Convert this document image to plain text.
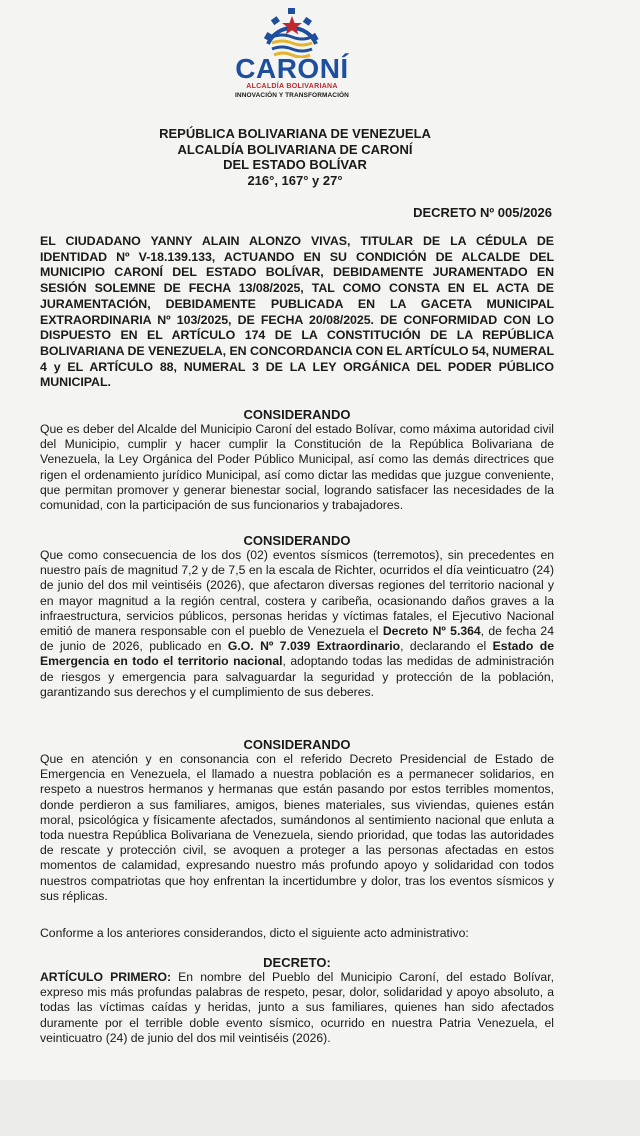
CARONÍ
ALCALDÍA BOLIVARIANA
INNOVACIÓN Y TRANSFORMACIÓN
REPÚBLICA BOLIVARIANA DE VENEZUELA
ALCALDÍA BOLIVARIANA DE CARONÍ
DEL ESTADO BOLÍVAR
216°, 167° y 27°
DECRETO Nº 005/2026
EL CIUDADANO YANNY ALAIN ALONZO VIVAS, TITULAR DE LA CÉDULA DE IDENTIDAD Nº V-18.139.133, ACTUANDO EN SU CONDICIÓN DE ALCALDE DEL MUNICIPIO CARONÍ DEL ESTADO BOLÍVAR, DEBIDAMENTE JURAMENTADO EN SESIÓN SOLEMNE DE FECHA 13/08/2025, TAL COMO CONSTA EN EL ACTA DE JURAMENTACIÓN, DEBIDAMENTE PUBLICADA EN LA GACETA MUNICIPAL EXTRAORDINARIA Nº 103/2025, DE FECHA 20/08/2025. DE CONFORMIDAD CON LO DISPUESTO EN EL ARTÍCULO 174 DE LA CONSTITUCIÓN DE LA REPÚBLICA BOLIVARIANA DE VENEZUELA, EN CONCORDANCIA CON EL ARTÍCULO 54, NUMERAL 4 y EL ARTÍCULO 88, NUMERAL 3 DE LA LEY ORGÁNICA DEL PODER PÚBLICO MUNICIPAL.

CONSIDERANDO

Que es deber del Alcalde del Municipio Caroní del estado Bolívar, como máxima autoridad civil del Municipio, cumplir y hacer cumplir la Constitución de la República Bolivariana de Venezuela, la Ley Orgánica del Poder Público Municipal, así como las demás directrices que rigen el ordenamiento jurídico Municipal, así como dictar las medidas que juzgue conveniente, que permitan promover y generar bienestar social, logrando satisfacer las necesidades de la comunidad, con la participación de sus funcionarios y trabajadores.

CONSIDERANDO

Que como consecuencia de los dos (02) eventos sísmicos (terremotos), sin precedentes en nuestro país de magnitud 7,2 y de 7,5 en la escala de Richter, ocurridos el día veinticuatro (24) de junio del dos mil veintiséis (2026), que afectaron diversas regiones del territorio nacional y en mayor magnitud a la región central, costera y caribeña, ocasionando daños graves a la infraestructura, servicios públicos, personas heridas y víctimas fatales, el Ejecutivo Nacional emitió de manera responsable con el pueblo de Venezuela el Decreto Nº 5.364, de fecha 24 de junio de 2026, publicado en G.O. Nº 7.039 Extraordinario, declarando el Estado de Emergencia en todo el territorio nacional, adoptando todas las medidas de administración de riesgos y emergencia para salvaguardar la seguridad y protección de la población, garantizando sus derechos y el cumplimiento de sus deberes.

CONSIDERANDO

Que en atención y en consonancia con el referido Decreto Presidencial de Estado de Emergencia en Venezuela, el llamado a nuestra población es a permanecer solidarios, en respeto a nuestros hermanos y hermanas que están pasando por estos terribles momentos, donde perdieron a sus familiares, amigos, bienes materiales, sus viviendas, quienes están moral, psicológica y físicamente afectados, sumándonos al sentimiento nacional que enluta a toda nuestra República Bolivariana de Venezuela, siendo prioridad, que todas las autoridades de rescate y protección civil, se avoquen a proteger a las personas afectadas en estos momentos de calamidad, expresando nuestro más profundo apoyo y solidaridad con todos nuestros compatriotas que hoy enfrentan la incertidumbre y dolor, tras los eventos sísmicos y sus réplicas.

Conforme a los anteriores considerandos, dicto el siguiente acto administrativo:

DECRETO:

ARTÍCULO PRIMERO: En nombre del Pueblo del Municipio Caroní, del estado Bolívar, expreso mis más profundas palabras de respeto, pesar, dolor, solidaridad y apoyo absoluto, a todas las víctimas caídas y heridas, junto a sus familiares, quienes han sido afectados duramente por el terrible doble evento sísmico, ocurrido en nuestra Patria Venezuela, el veinticuatro (24) de junio del dos mil veintiséis (2026).
